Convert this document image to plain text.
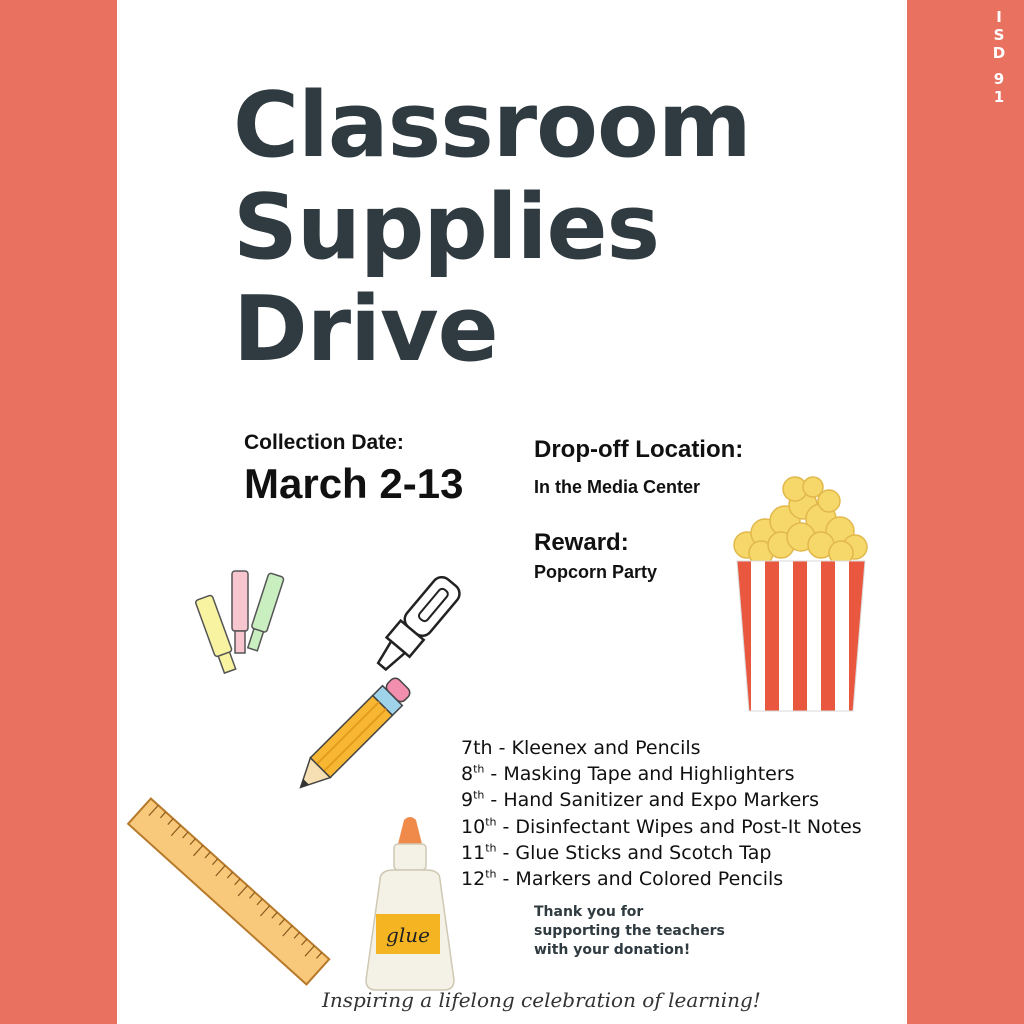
ISD
91
Classroom
Supplies
Drive
Collection Date:
March 2-13
Drop-off Location:
In the Media Center
Reward:
Popcorn Party
glue
7th - Kleenex and Pencils
8th - Masking Tape and Highlighters
9th - Hand Sanitizer and Expo Markers
10th - Disinfectant Wipes and Post-It Notes
11th - Glue Sticks and Scotch Tap
12th - Markers and Colored Pencils
Thank you for
supporting the teachers
with your donation!
Inspiring a lifelong celebration of learning!
